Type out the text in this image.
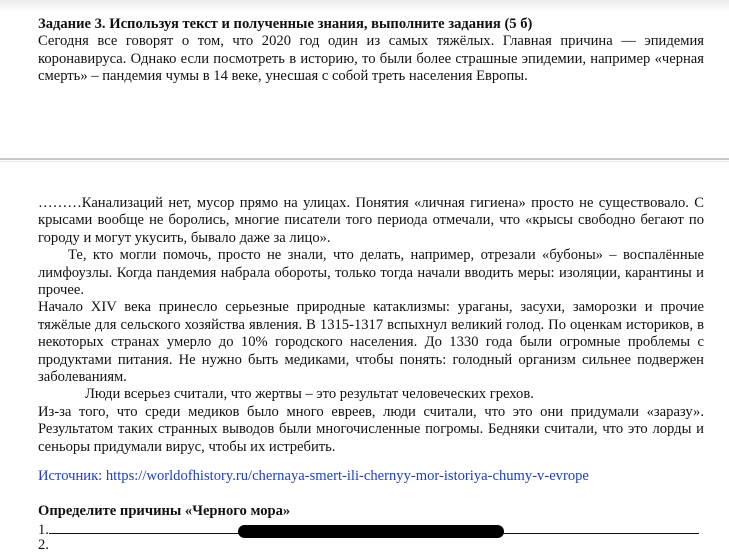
Задание 3. Используя текст и полученные знания, выполните задания (5 б)

Сегодня все говорят о том, что 2020 год один из самых тяжёлых. Главная причина — эпидемия коронавируса. Однако если посмотреть в историю, то были более страшные эпидемии, например «черная смерть» – пандемия чумы в 14 веке, унесшая с собой треть населения Европы.

………Канализаций нет, мусор прямо на улицах. Понятия «личная гигиена» просто не существовало. С крысами вообще не боролись, многие писатели того периода отмечали, что «крысы свободно бегают по городу и могут укусить, бывало даже за лицо».

Те, кто могли помочь, просто не знали, что делать, например, отрезали «бубоны» – воспалённые лимфоузлы. Когда пандемия набрала обороты, только тогда начали вводить меры: изоляции, карантины и прочее.

Начало XIV века принесло серьезные природные катаклизмы: ураганы, засухи, заморозки и прочие тяжёлые для сельского хозяйства явления. В 1315-1317 вспыхнул великий голод. По оценкам историков, в некоторых странах умерло до 10% городского населения. До 1330 года были огромные проблемы с продуктами питания. Не нужно быть медиками, чтобы понять: голодный организм сильнее подвержен заболеваниям.

Люди всерьез считали, что жертвы – это результат человеческих грехов.

Из-за того, что среди медиков было много евреев, люди считали, что это они придумали «заразу». Результатом таких странных выводов были многочисленные погромы. Бедняки считали, что это лорды и сеньоры придумали вирус, чтобы их истребить.

Источник: https://worldofhistory.ru/chernaya-smert-ili-chernyy-mor-istoriya-chumy-v-evrope
Определите причины «Черного мора»
1.
2.
